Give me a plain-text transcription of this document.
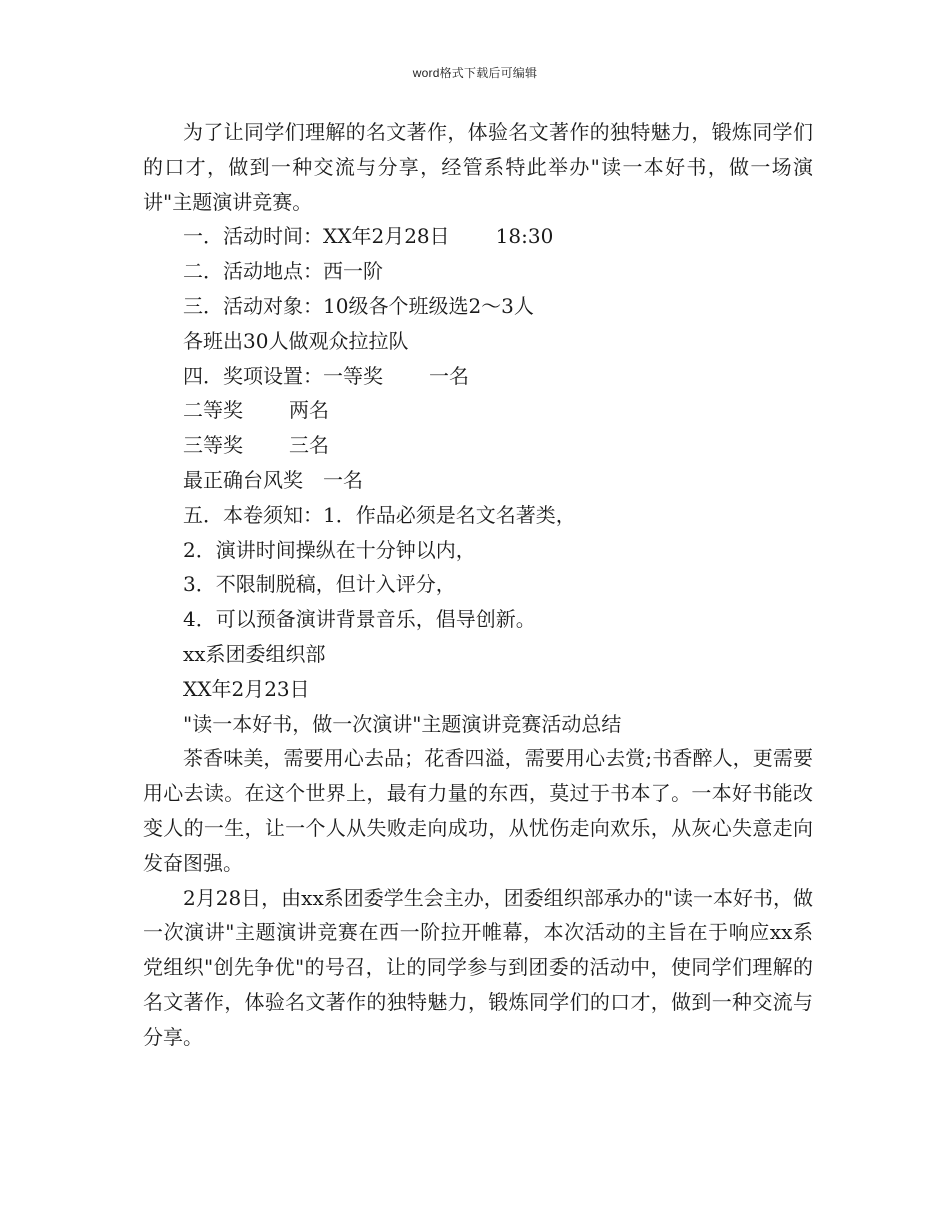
word格式下载后可编辑

为了让同学们理解的名文著作，体验名文著作的独特魅力，锻炼同学们的口才，做到一种交流与分享，经管系特此举办"读一本好书，做一场演讲"主题演讲竞赛。

一．活动时间：XX年2月28日 18:30

二．活动地点：西一阶

三．活动对象：10级各个班级选2～3人

各班出30人做观众拉拉队

四．奖项设置：一等奖 一名

二等奖 两名

三等奖 三名

最正确台风奖 一名

五．本卷须知：1．作品必须是名文名著类，

2．演讲时间操纵在十分钟以内，

3．不限制脱稿，但计入评分，

4．可以预备演讲背景音乐，倡导创新。

xx系团委组织部

XX年2月23日

"读一本好书，做一次演讲"主题演讲竞赛活动总结

茶香味美，需要用心去品；花香四溢，需要用心去赏;书香醉人，更需要用心去读。在这个世界上，最有力量的东西，莫过于书本了。一本好书能改变人的一生，让一个人从失败走向成功，从忧伤走向欢乐，从灰心失意走向发奋图强。

2月28日，由xx系团委学生会主办，团委组织部承办的"读一本好书，做一次演讲"主题演讲竞赛在西一阶拉开帷幕，本次活动的主旨在于响应xx系党组织"创先争优"的号召，让的同学参与到团委的活动中，使同学们理解的名文著作，体验名文著作的独特魅力，锻炼同学们的口才，做到一种交流与分享。
